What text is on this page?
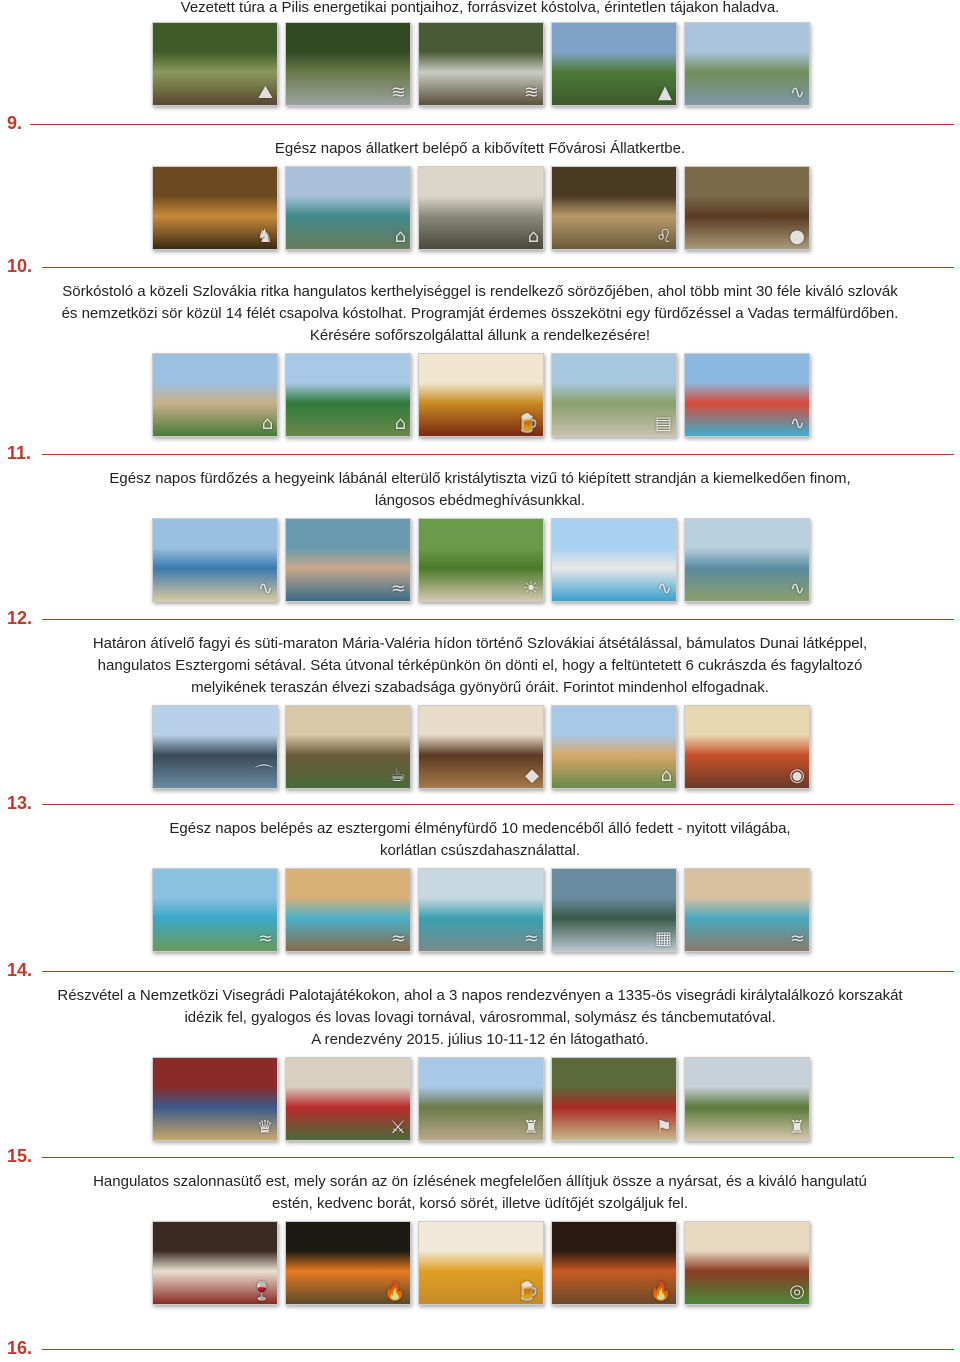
Vezetett túra a Pilis energetikai pontjaihoz, forrásvizet kóstolva, érintetlen tájakon haladva.
⛰	≋	≋	▲	∿
9.
Egész napos állatkert belépő a kibővített Fővárosi Állatkertbe.
♞	⌂	⌂	♌	●
10.
Sörkóstoló a közeli Szlovákia ritka hangulatos kerthelyiséggel is rendelkező sörözőjében, ahol több mint 30 féle kiváló szlovák
és nemzetközi sör közül 14 félét csapolva kóstolhat. Programját érdemes összekötni egy fürdőzéssel a Vadas termálfürdőben.
Kérésére sofőrszolgálattal állunk a rendelkezésére!
⌂	⌂	🍺	▤	∿
11.
Egész napos fürdőzés a hegyeink lábánál elterülő kristálytiszta vizű tó kiépített strandján a kiemelkedően finom,
lángosos ebédmeghívásunkkal.
∿	≈	☀	∿	∿
12.
Határon átívelő fagyi és süti-maraton Mária-Valéria hídon történő Szlovákiai átsétálással, bámulatos Dunai látképpel,
hangulatos Esztergomi sétával. Séta útvonal térképünkön ön dönti el, hogy a feltüntetett 6 cukrászda és fagylaltozó
melyikének teraszán élvezi szabadsága gyönyörű óráit. Forintot mindenhol elfogadnak.
⌒	☕	◆	⌂	◉
13.
Egész napos belépés az esztergomi élményfürdő 10 medencéből álló fedett - nyitott világába,
korlátlan csúszdahasználattal.
≈	≈	≈	▦	≈
14.
Részvétel a Nemzetközi Visegrádi Palotajátékokon, ahol a 3 napos rendezvényen a 1335-ös visegrádi királytalálkozó korszakát
idézik fel, gyalogos és lovas lovagi tornával, városrommal, solymász és táncbemutatóval.
A rendezvény 2015. július 10-11-12 én látogatható.
♛	⚔	♜	⚑	♜
15.
Hangulatos szalonnasütő est, mely során az ön ízlésének megfelelően állítjuk össze a nyársat, és a kiváló hangulatú
estén, kedvenc borát, korsó sörét, illetve üdítőjét szolgáljuk fel.
🍷	🔥	🍺	🔥	◎
16.
